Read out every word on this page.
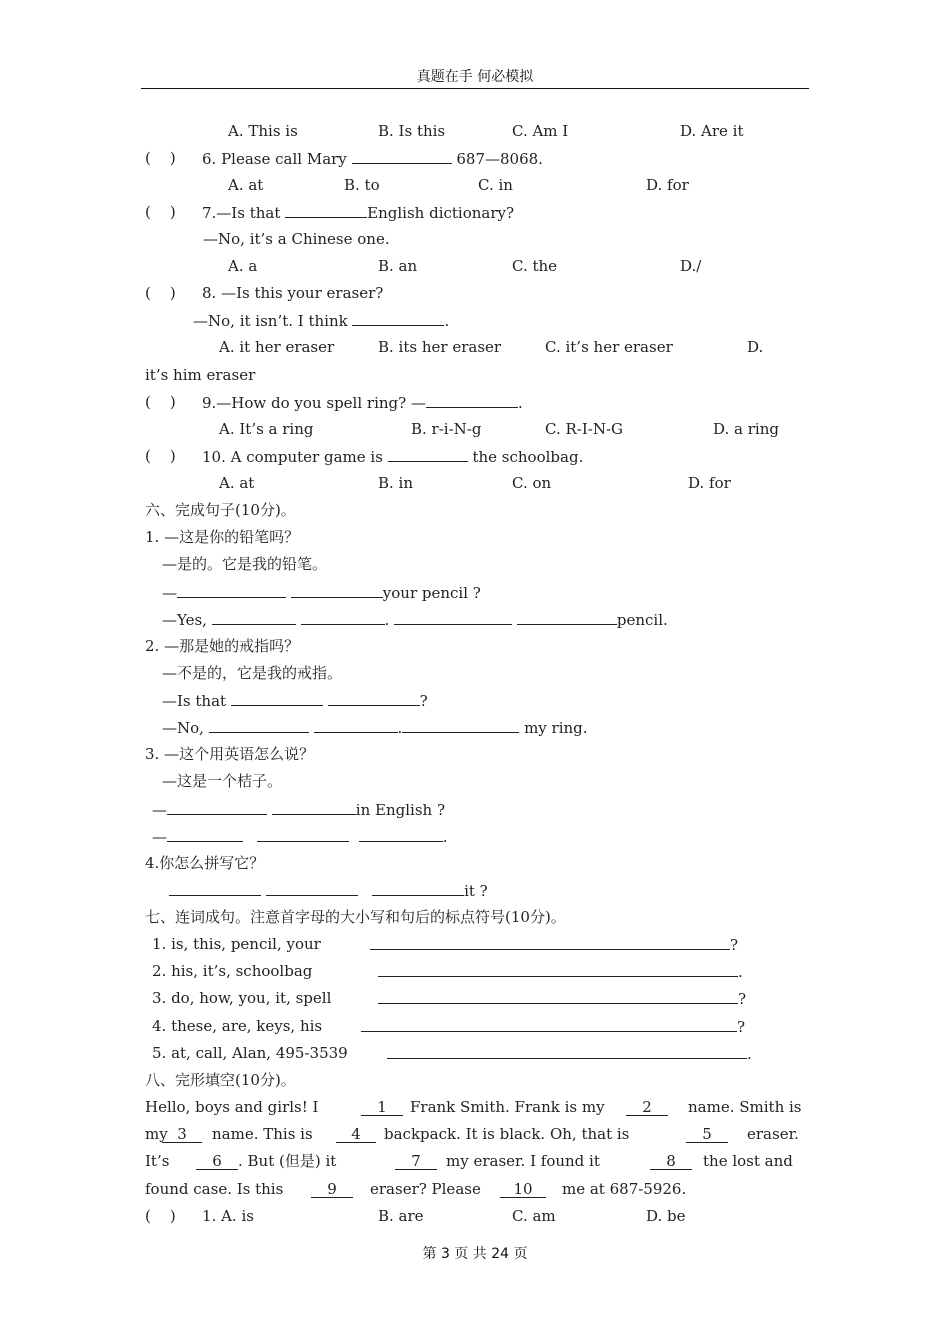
真题在手 何必模拟

A. This is

	B. Is this

	C. Am I

	D. Are it

(    )

6. Please call Mary	687—8068.

A. at

	B. to

	C. in

	D. for

(    )

7.—Is that	English dictionary?

—No, it’s a Chinese one.

A. a

	B. an

	C. the

	D./

(    )

8. —Is this your eraser?

—No, it isn’t. I think	.

A. it her eraser

	B. its her eraser

	C. it’s her eraser

	D.

it’s him eraser

(    )

9.—How do you spell ring? —	.

A. It’s a ring

	B. r-i-N-g

	C. R-I-N-G

	D. a ring

(    )

10. A computer game is	the schoolbag.

A. at

	B. in

	C. on

	D. for

六、完成句子(10分)。

1. —这是你的铅笔吗？

—是的。它是我的铅笔。

—	your pencil ?

—Yes,	.	pencil.

2. —那是她的戒指吗？

—不是的，它是我的戒指。

—Is that	?

—No,	.	my ring.

3. —这个用英语怎么说？

—这是一个桔子。

—	in English ?

—	.

4.你怎么拼写它？

it ?

七、连词成句。注意首字母的大小写和句后的标点符号(10分)。

1. is, this, pencil, your

	?

2. his, it’s, schoolbag

	.

3. do, how, you, it, spell

	?

4. these, are, keys, his

	?

5. at, call, Alan, 495-3539

	.

八、完形填空(10分)。

Hello, boys and girls! I

	1

	Frank Smith. Frank is my

	2

	name. Smith is

my

3

	name. This is

	4

	backpack. It is black. Oh, that is

	5

	eraser.

It’s

	6

	. But (但是) it

	7

	my eraser. I found it

	8

	the lost and

found case. Is this

	9

	eraser? Please

	10

	me at 687-5926.

(    )

1. A. is

	B. are

	C. am

	D. be

第 3 页 共 24 页
